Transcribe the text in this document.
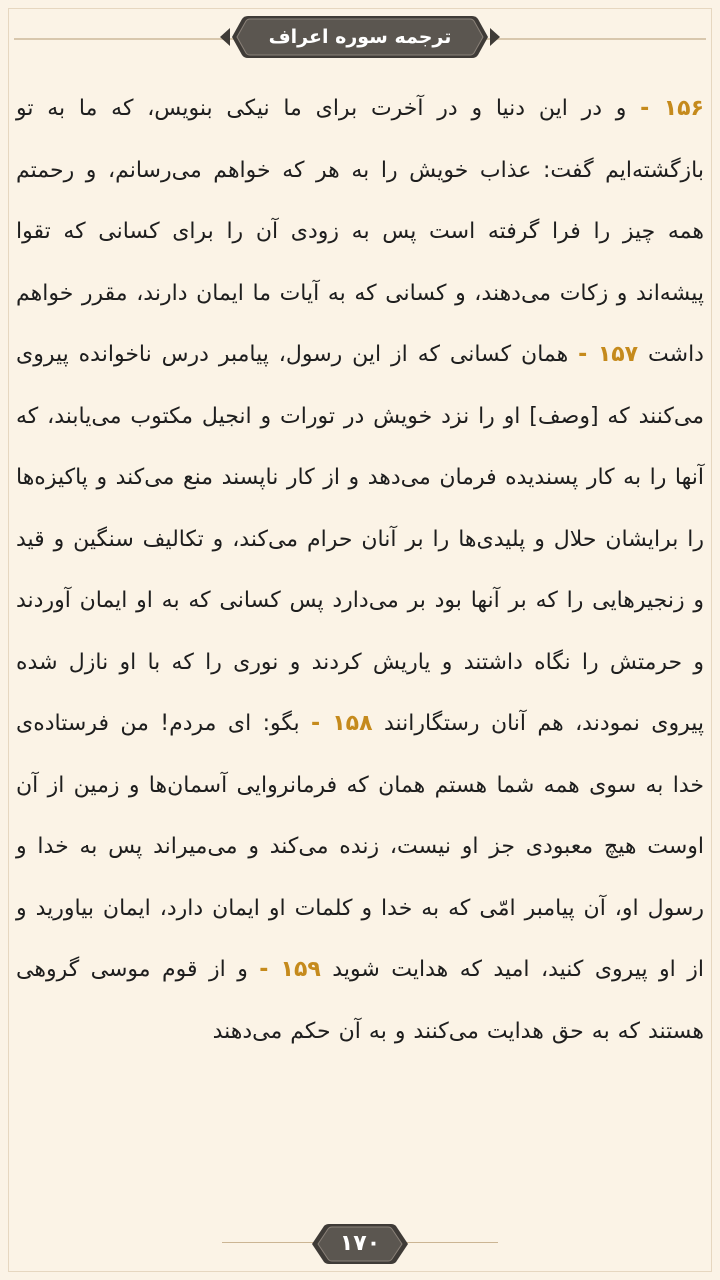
ترجمه سوره اعراف
۱۵۶ - و در این دنیا و در آخرت برای ما نیکی بنویس، که ما به تو بازگشته‌ایم گفت: عذاب خویش را به هر که خواهم می‌رسانم، و رحمتم همه چیز را فرا گرفته است پس به زودی آن را برای کسانی که تقوا پیشه‌اند و زکات می‌دهند، و کسانی که به آیات ما ایمان دارند، مقرر خواهم داشت ۱۵۷ - همان کسانی که از این رسول، پیامبر درس ناخوانده پیروی می‌کنند که [وصف] او را نزد خویش در تورات و انجیل مکتوب می‌یابند، که آنها را به کار پسندیده فرمان می‌دهد و از کار ناپسند منع می‌کند و پاکیزه‌ها را برایشان حلال و پلیدی‌ها را بر آنان حرام می‌کند، و تکالیف سنگین و قید و زنجیرهایی را که بر آنها بود بر می‌دارد پس کسانی که به او ایمان آوردند و حرمتش را نگاه داشتند و یاریش کردند و نوری را که با او نازل شده پیروی نمودند، هم آنان رستگارانند ۱۵۸ - بگو: ای مردم! من فرستاده‌ی خدا به سوی همه شما هستم همان که فرمانروایی آسمان‌ها و زمین از آن اوست هیچ معبودی جز او نیست، زنده می‌کند و می‌میراند پس به خدا و رسول او، آن پیامبر امّی که به خدا و کلمات او ایمان دارد، ایمان بیاورید و از او پیروی کنید، امید که هدایت شوید ۱۵۹ - و از قوم موسی گروهی هستند که به حق هدایت می‌کنند و به آن حکم می‌دهند
۱۷۰
